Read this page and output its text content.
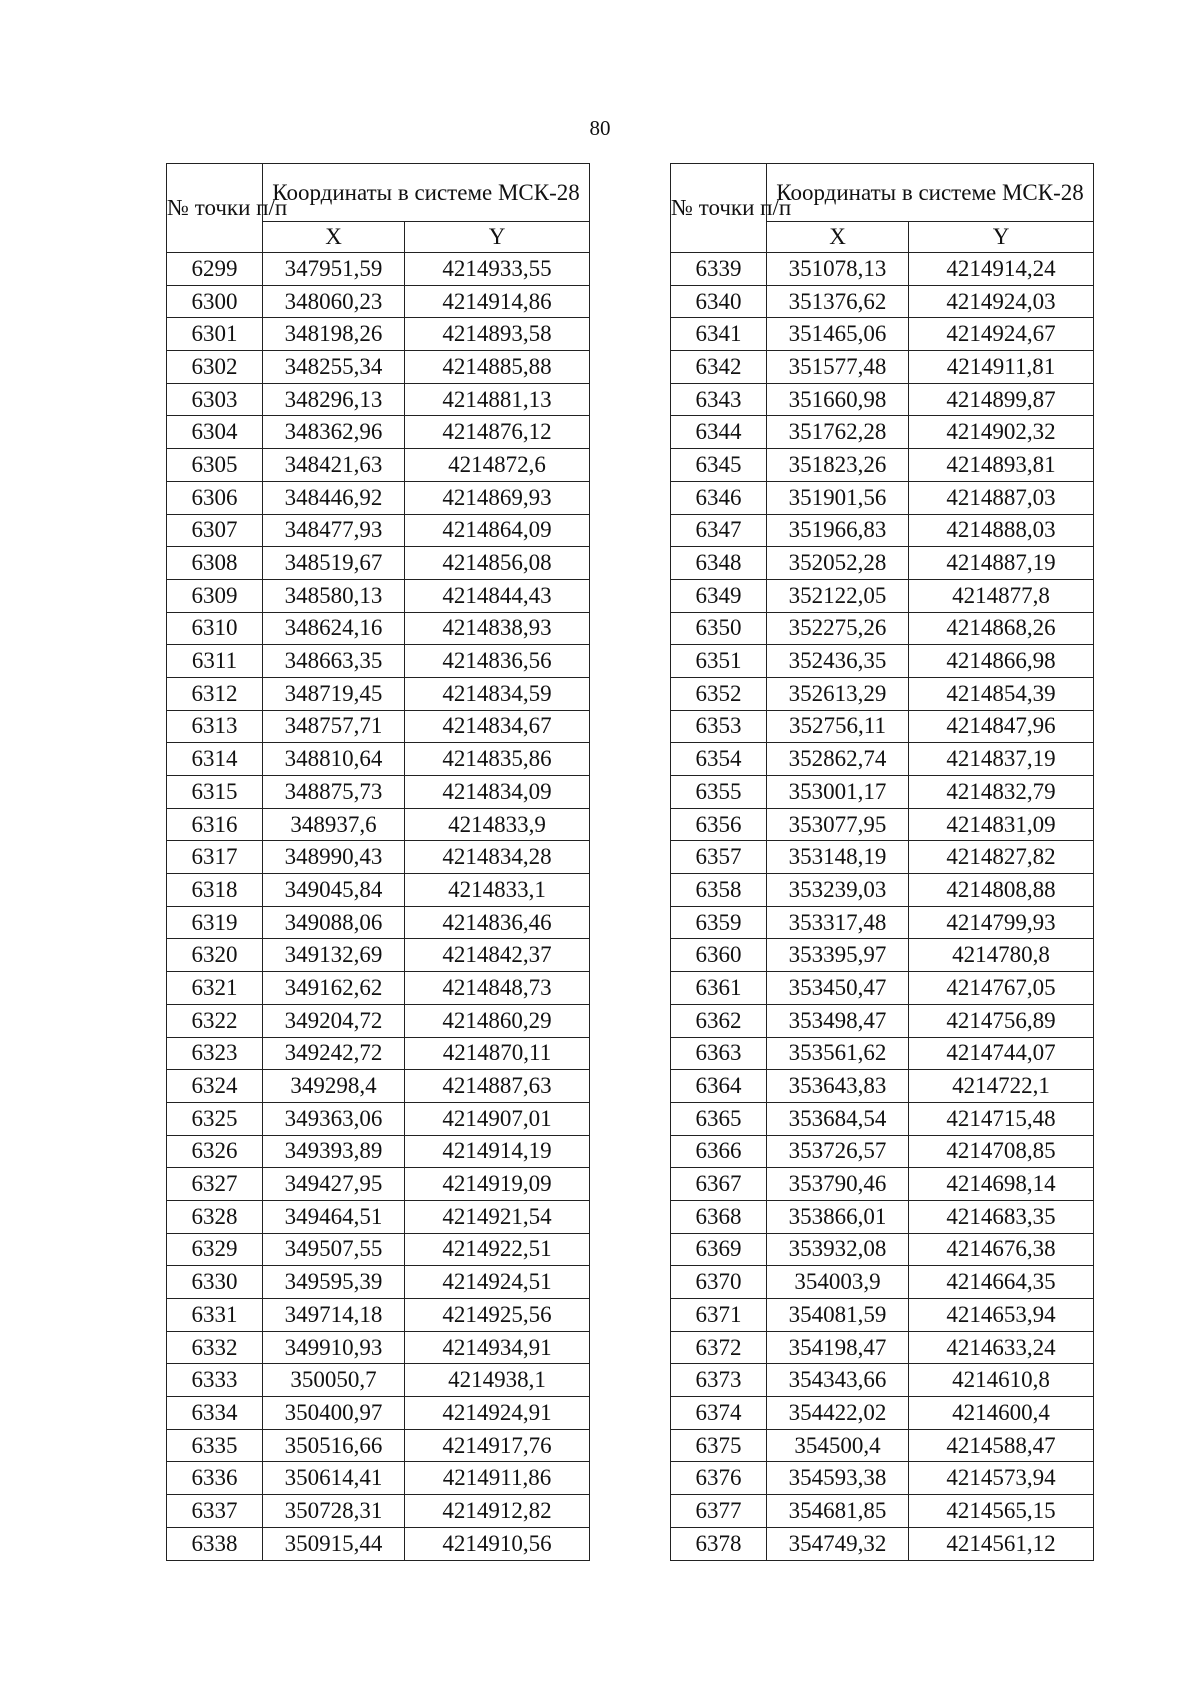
80
№ точки п/п	Координаты в системе МСК-28	
	X	Y
6299	347951,59	4214933,55
6300	348060,23	4214914,86
6301	348198,26	4214893,58
6302	348255,34	4214885,88
6303	348296,13	4214881,13
6304	348362,96	4214876,12
6305	348421,63	4214872,6
6306	348446,92	4214869,93
6307	348477,93	4214864,09
6308	348519,67	4214856,08
6309	348580,13	4214844,43
6310	348624,16	4214838,93
6311	348663,35	4214836,56
6312	348719,45	4214834,59
6313	348757,71	4214834,67
6314	348810,64	4214835,86
6315	348875,73	4214834,09
6316	348937,6	4214833,9
6317	348990,43	4214834,28
6318	349045,84	4214833,1
6319	349088,06	4214836,46
6320	349132,69	4214842,37
6321	349162,62	4214848,73
6322	349204,72	4214860,29
6323	349242,72	4214870,11
6324	349298,4	4214887,63
6325	349363,06	4214907,01
6326	349393,89	4214914,19
6327	349427,95	4214919,09
6328	349464,51	4214921,54
6329	349507,55	4214922,51
6330	349595,39	4214924,51
6331	349714,18	4214925,56
6332	349910,93	4214934,91
6333	350050,7	4214938,1
6334	350400,97	4214924,91
6335	350516,66	4214917,76
6336	350614,41	4214911,86
6337	350728,31	4214912,82
6338	350915,44	4214910,56
№ точки п/п	Координаты в системе МСК-28	
	X	Y
6339	351078,13	4214914,24
6340	351376,62	4214924,03
6341	351465,06	4214924,67
6342	351577,48	4214911,81
6343	351660,98	4214899,87
6344	351762,28	4214902,32
6345	351823,26	4214893,81
6346	351901,56	4214887,03
6347	351966,83	4214888,03
6348	352052,28	4214887,19
6349	352122,05	4214877,8
6350	352275,26	4214868,26
6351	352436,35	4214866,98
6352	352613,29	4214854,39
6353	352756,11	4214847,96
6354	352862,74	4214837,19
6355	353001,17	4214832,79
6356	353077,95	4214831,09
6357	353148,19	4214827,82
6358	353239,03	4214808,88
6359	353317,48	4214799,93
6360	353395,97	4214780,8
6361	353450,47	4214767,05
6362	353498,47	4214756,89
6363	353561,62	4214744,07
6364	353643,83	4214722,1
6365	353684,54	4214715,48
6366	353726,57	4214708,85
6367	353790,46	4214698,14
6368	353866,01	4214683,35
6369	353932,08	4214676,38
6370	354003,9	4214664,35
6371	354081,59	4214653,94
6372	354198,47	4214633,24
6373	354343,66	4214610,8
6374	354422,02	4214600,4
6375	354500,4	4214588,47
6376	354593,38	4214573,94
6377	354681,85	4214565,15
6378	354749,32	4214561,12
